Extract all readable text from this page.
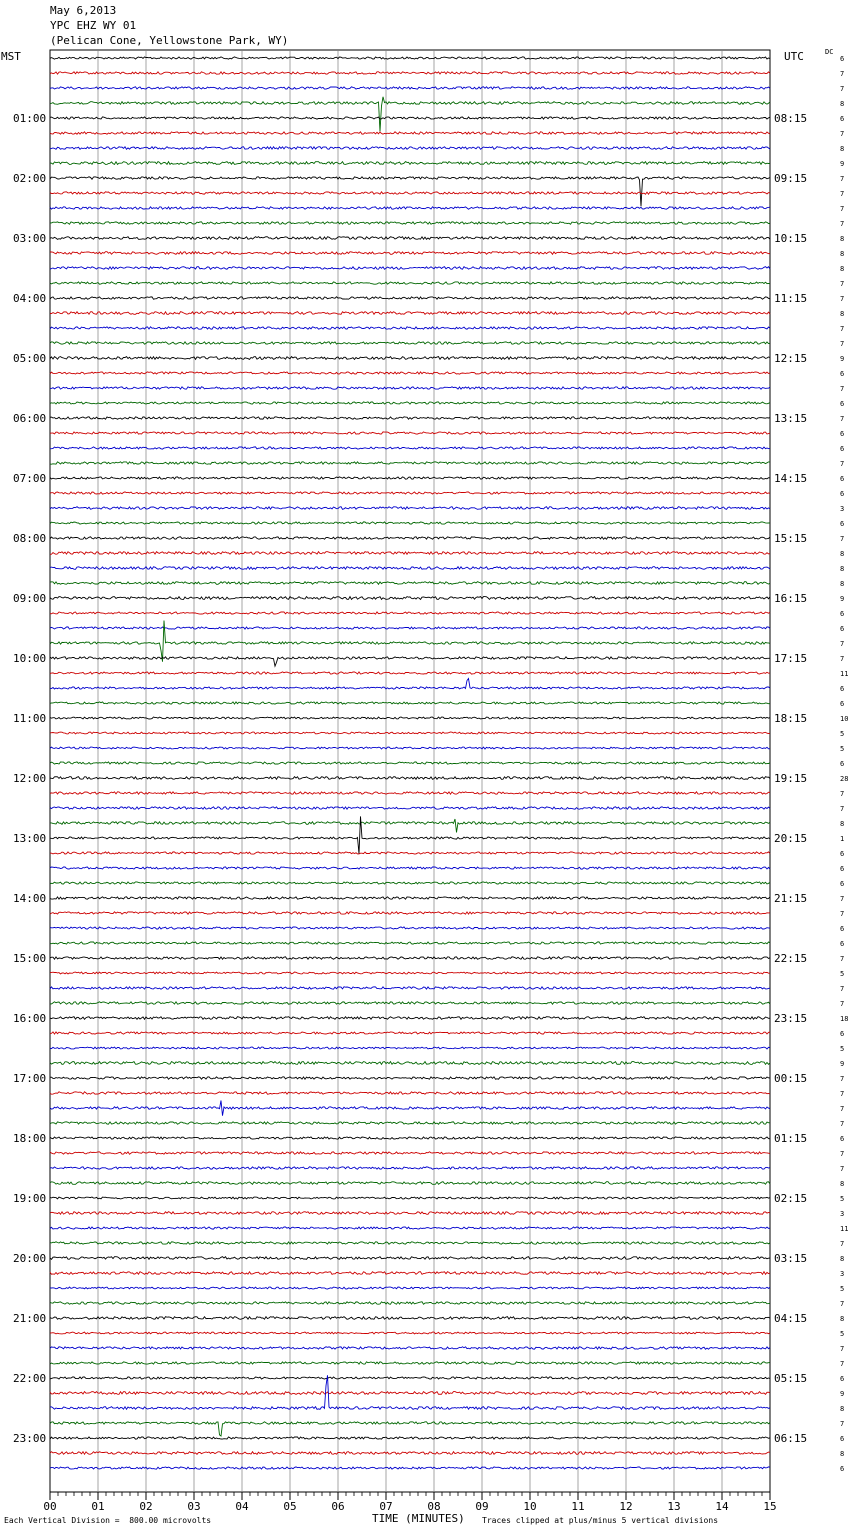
May 6,2013
YPC EHZ WY 01
(Pelican Cone, Yellowstone Park, WY)
MST	UTC	DC
6
7
7
8
6
7
8
9
7
7
7
7
8
8
8
7
7
8
7
7
9
6
7
6
7
6
6
7
6
6
3
6
7
8
8
8
9
6
6
7
7
11
6
6
10
5
5
6
28
7
7
8
1
6
6
6
7
7
6
6
7
5
7
7
18
6
5
9
7
7
7
7
6
7
7
8
5
3
11
7
8
3
5
7
8
5
7
7
6
9
8
7
6
8
6
01:00
02:00
03:00
04:00
05:00
06:00
07:00
08:00
09:00
10:00
11:00
12:00
13:00
14:00
15:00
16:00
17:00
18:00
19:00
20:00
21:00
22:00
23:00
08:15
09:15
10:15
11:15
12:15
13:15
14:15
15:15
16:15
17:15
18:15
19:15
20:15
21:15
22:15
23:15
00:15
01:15
02:15
03:15
04:15
05:15
06:15
00	01	02	03	04	05	06	07	08	09	10	11	12	13	14	15
Each Vertical Division =  800.00 microvolts	TIME (MINUTES) Traces clipped at plus/minus 5 vertical divisions
